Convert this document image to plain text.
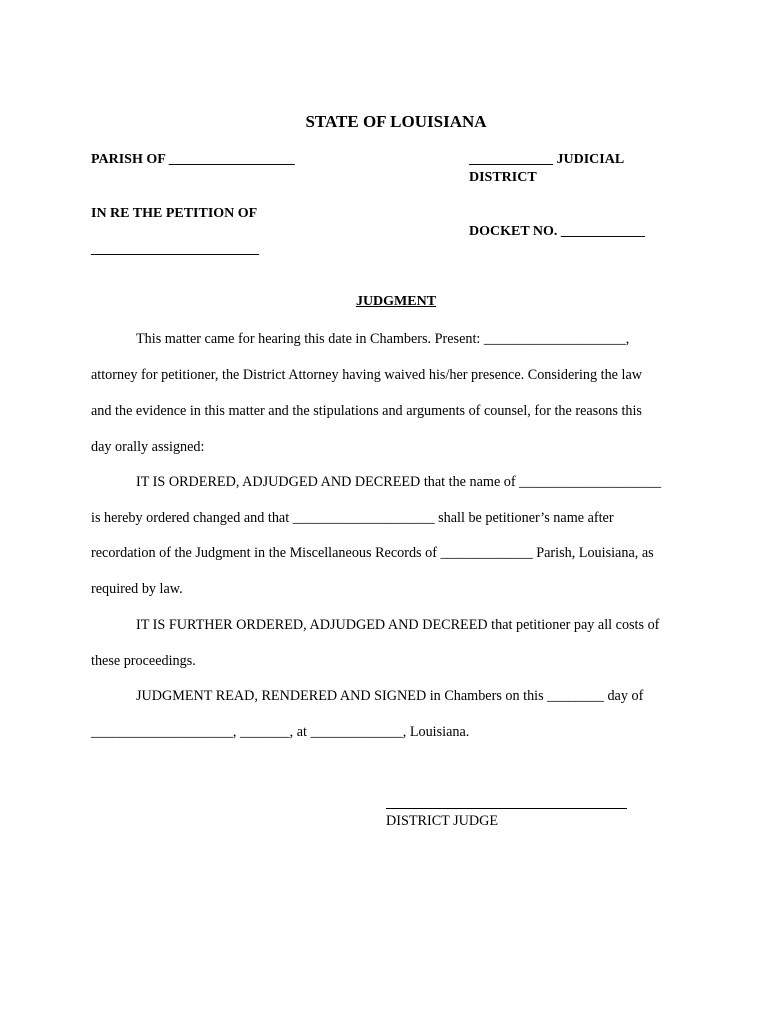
STATE OF LOUISIANA
PARISH OF __________________	____________ JUDICIAL
DISTRICT
IN RE THE PETITION OF
DOCKET NO. ____________
________________________
JUDGMENT
This matter came for hearing this date in Chambers. Present: ____________________,
attorney for petitioner, the District Attorney having waived his/her presence. Considering the law
and the evidence in this matter and the stipulations and arguments of counsel, for the reasons this
day orally assigned:
IT IS ORDERED, ADJUDGED AND DECREED that the name of ____________________
is hereby ordered changed and that ____________________ shall be petitioner’s name after
recordation of the Judgment in the Miscellaneous Records of _____________ Parish, Louisiana, as
required by law.
IT IS FURTHER ORDERED, ADJUDGED AND DECREED that petitioner pay all costs of
these proceedings.
JUDGMENT READ, RENDERED AND SIGNED in Chambers on this ________ day of
____________________, _______, at _____________, Louisiana.
DISTRICT JUDGE
